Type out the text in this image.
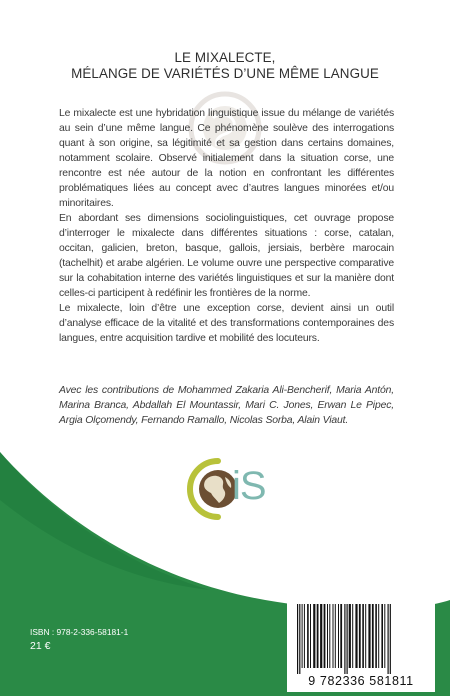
LE MIXALECTE,
MÉLANGE DE VARIÉTÉS D’UNE MÊME LANGUE

Le mixalecte est une hybridation linguistique issue du mélange de variétés au sein d’une même langue. Ce phénomène soulève des interrogations quant à son origine, sa légitimité et sa gestion dans certains domaines, notamment scolaire. Observé initialement dans la situation corse, une rencontre est née autour de la notion en confrontant les différentes problématiques liées au concept avec d’autres langues minorées et/ou minoritaires.

En abordant ses dimensions sociolinguistiques, cet ouvrage propose d’interroger le mixalecte dans différentes situations : corse, catalan, occitan, galicien, breton, basque, gallois, jersiais, berbère marocain (tachelhit) et arabe algérien. Le volume ouvre une perspective comparative sur la cohabitation interne des variétés linguistiques et sur la manière dont celles-ci participent à redéfinir les frontières de la norme.

Le mixalecte, loin d’être une exception corse, devient ainsi un outil d’analyse efficace de la vitalité et des transformations contemporaines des langues, entre acquisition tardive et mobilité des locuteurs.

Avec les contributions de Mohammed Zakaria Ali-Bencherif, Maria Antón, Marina Branca, Abdallah El Mountassir, Mari C. Jones, Erwan Le Pipec, Argia Olçomendy, Fernando Ramallo, Nicolas Sorba, Alain Viaut.
iS
ISBN : 978-2-336-58181-1
21 €
9 782336 581811
